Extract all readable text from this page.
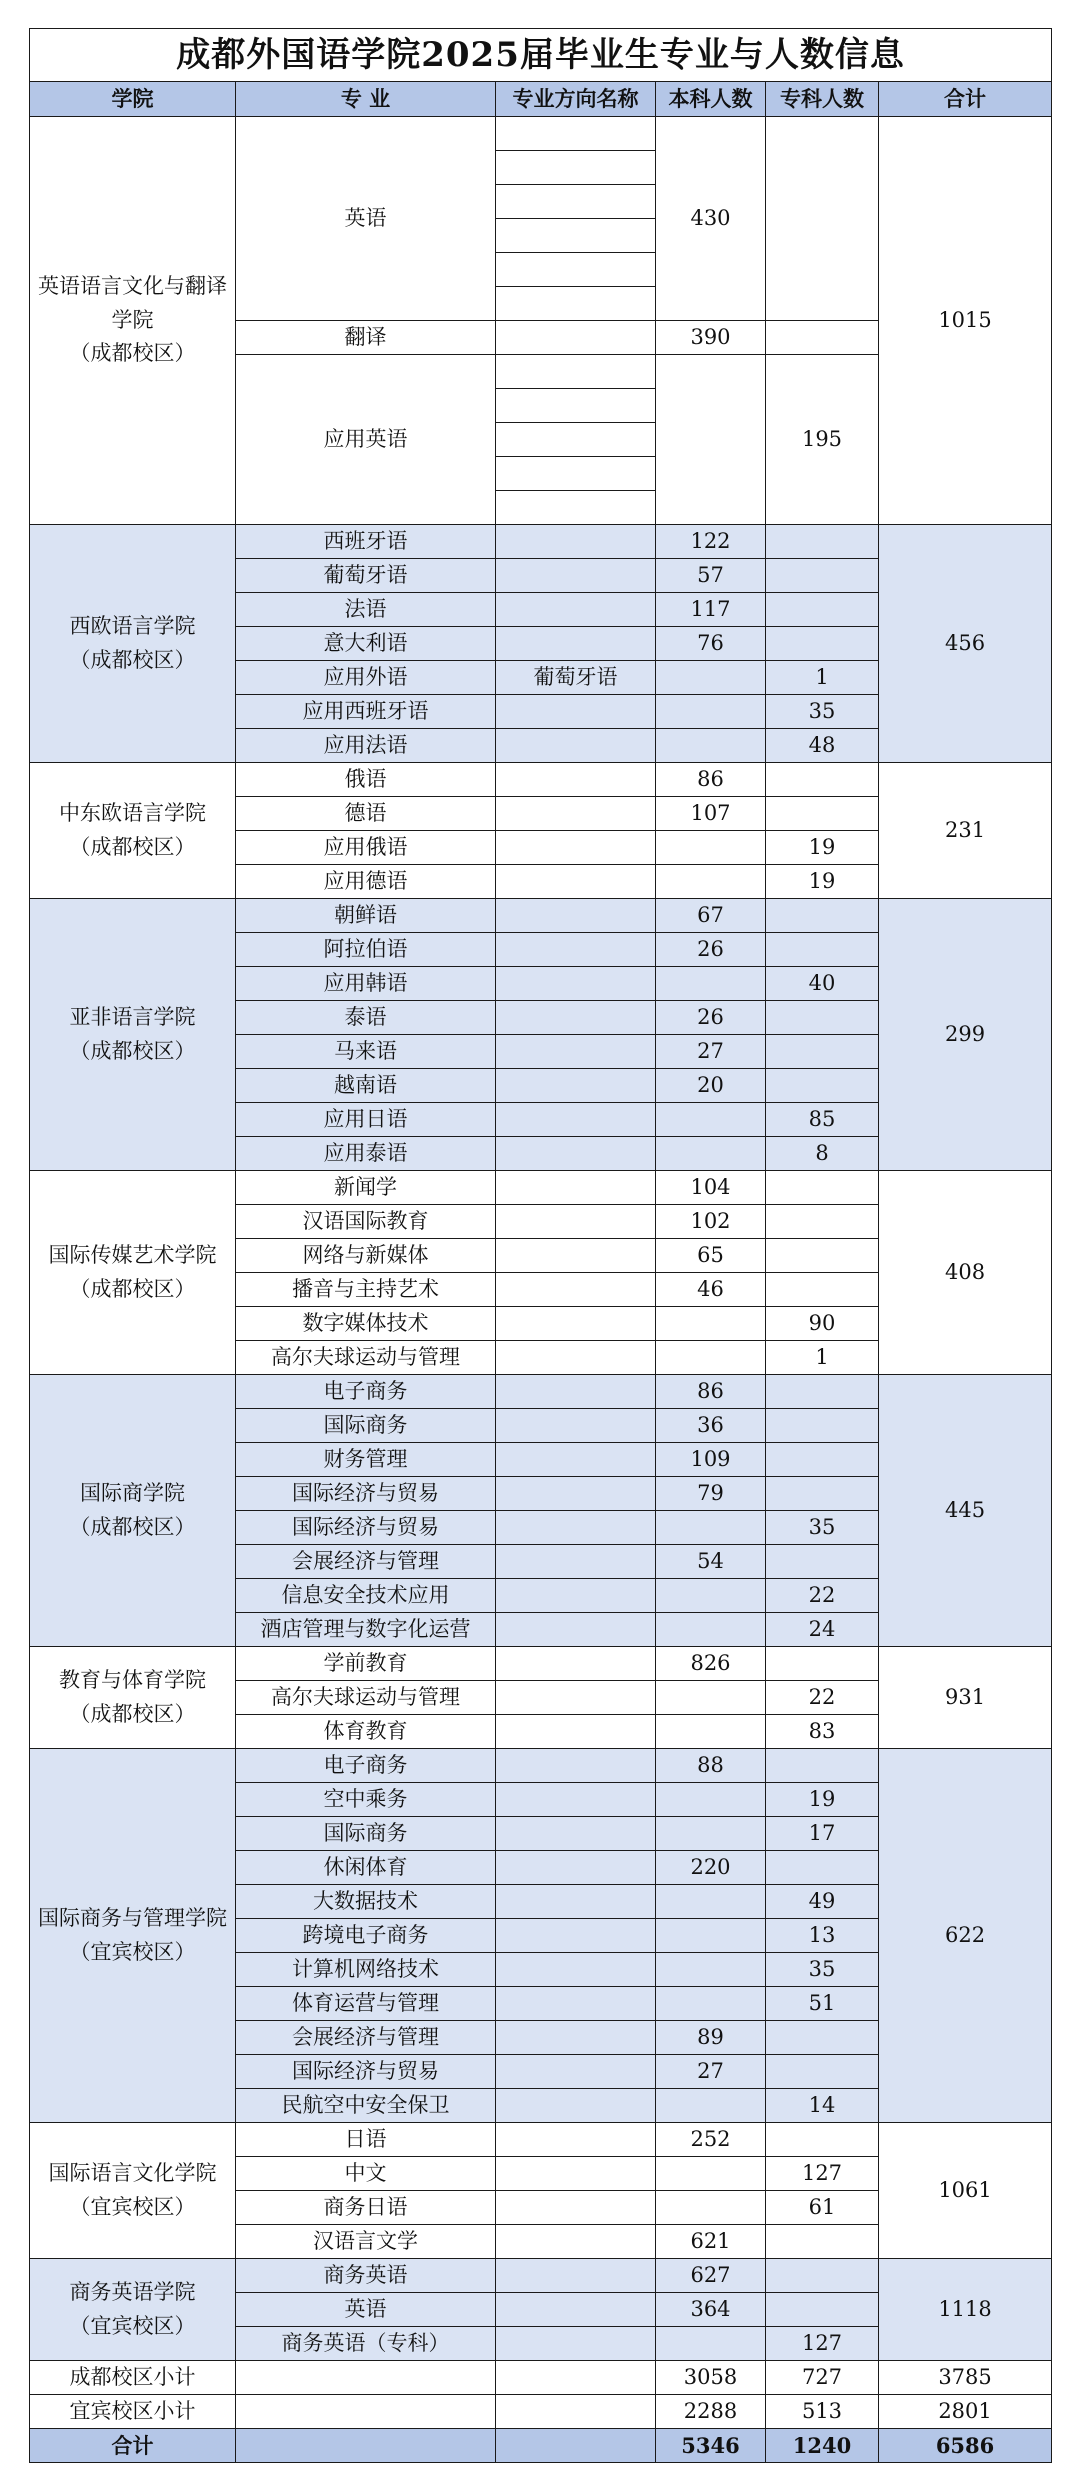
成都外国语学院2025届毕业生专业与人数信息					
学院	专 业	专业方向名称	本科人数	专科人数	合计

英语语言文化与翻译学院
（成都校区）	英语		430		1015

	翻译		390		
	应用英语			195	

西欧语言学院
（成都校区）	西班牙语		122		456
	葡萄牙语		57		
	法语		117		
	意大利语		76		
	应用外语	葡萄牙语		1	
	应用西班牙语			35	
	应用法语			48	

中东欧语言学院
（成都校区）	俄语		86		231
	德语		107		
	应用俄语			19	
	应用德语			19	

亚非语言学院
（成都校区）	朝鲜语		67		299
	阿拉伯语		26		
	应用韩语			40	
	泰语		26		
	马来语		27		
	越南语		20		
	应用日语			85	
	应用泰语			8	

国际传媒艺术学院
（成都校区）	新闻学		104		408
	汉语国际教育		102		
	网络与新媒体		65		
	播音与主持艺术		46		
	数字媒体技术			90	
	高尔夫球运动与管理			1	

国际商学院
（成都校区）	电子商务		86		445
	国际商务		36		
	财务管理		109		
	国际经济与贸易		79		
	国际经济与贸易			35	
	会展经济与管理		54		
	信息安全技术应用			22	
	酒店管理与数字化运营			24	

教育与体育学院
（成都校区）	学前教育		826		931
	高尔夫球运动与管理			22	
	体育教育			83	

国际商务与管理学院
（宜宾校区）	电子商务		88		622
	空中乘务			19	
	国际商务			17	
	休闲体育		220		
	大数据技术			49	
	跨境电子商务			13	
	计算机网络技术			35	
	体育运营与管理			51	
	会展经济与管理		89		
	国际经济与贸易		27		
	民航空中安全保卫			14	

国际语言文化学院
（宜宾校区）	日语		252		1061
	中文			127	
	商务日语			61	
	汉语言文学		621		

商务英语学院
（宜宾校区）	商务英语		627		1118
	英语		364		
	商务英语（专科）			127	
成都校区小计			3058	727	3785
宜宾校区小计			2288	513	2801
合计			5346	1240	6586
